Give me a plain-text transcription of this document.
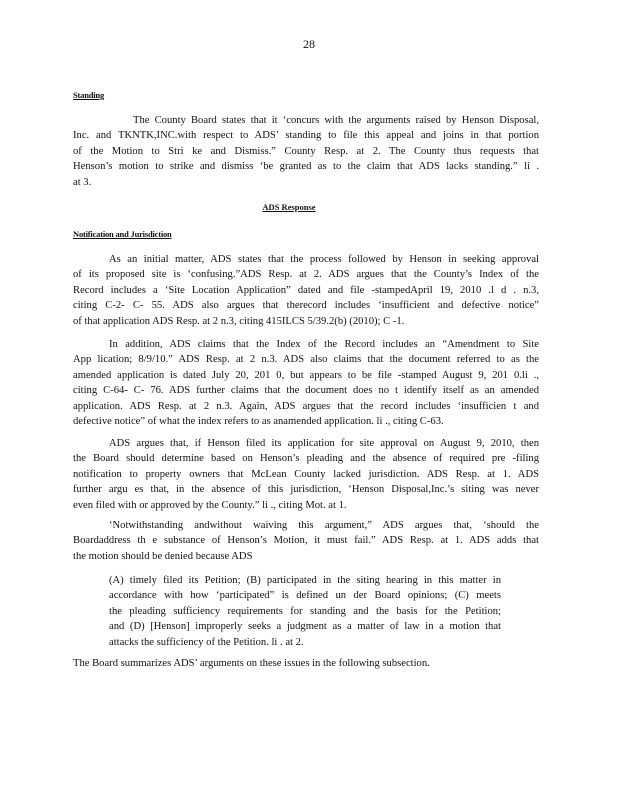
28
Standing
The County Board states that it ‘concurs with the arguments raised by Henson Disposal,
Inc. and TKNTK,INC.with respect to ADS’ standing to file this appeal and joins in that portion
of the Motion to Stri ke and Dismiss.” County Resp. at 2. The County thus requests that
Henson’s motion to strike and dismiss ‘be granted as to the claim that ADS lacks standing.” li .
at 3.
ADS Response
Notification and Jurisdiction
As an initial matter, ADS states that the process followed by Henson in seeking approval
of its proposed site is ‘confusing.”ADS Resp. at 2. ADS argues that the County’s Index of the
Record includes a ‘Site Location Application” dated and file -stampedApril 19, 2010 .l d . n.3,
citing C-2- C- 55. ADS also argues that therecord includes ‘insufficient and defective notice”
of that application ADS Resp. at 2 n.3, citing 415ILCS 5/39.2(b) (2010); C -1.
In addition, ADS claims that the Index of the Record includes an “Amendment to Site
App lication; 8/9/10.” ADS Resp. at 2 n.3. ADS also claims that the document referred to as the
amended application is dated July 20, 201 0, but appears to be file -stamped August 9, 201 0.li .,
citing C-64- C- 76. ADS further claims that the document does no t identify itself as an amended
application. ADS Resp. at 2 n.3. Again, ADS argues that the record includes ‘insufficien t and
defective notice” of what the index refers to as anamended application. li ., citing C-63.
ADS argues that, if Henson filed its application for site approval on August 9, 2010, then
the Board should determine based on Henson’s pleading and the absence of required pre -filing
notification to property owners that McLean County lacked jurisdiction. ADS Resp. at 1. ADS
further argu es that, in the absence of this jurisdiction, ‘Henson Disposal,Inc.’s siting was never
even filed with or approved by the County.” li ., citing Mot. at 1.
‘Notwithstanding andwithout waiving this argument,” ADS argues that, ‘should the
Boardaddress th e substance of Henson’s Motion, it must fail.” ADS Resp. at 1. ADS adds that
the motion should be denied because ADS
(A) timely filed its Petition; (B) participated in the siting hearing in this matter in
accordance with how ‘participated” is defined un der Board opinions; (C) meets
the pleading sufficiency requirements for standing and the basis for the Petition;
and (D) [Henson] improperly seeks a judgment as a matter of law in a motion that
attacks the sufficiency of the Petition. li . at 2.
The Board summarizes ADS’ arguments on these issues in the following subsection.
